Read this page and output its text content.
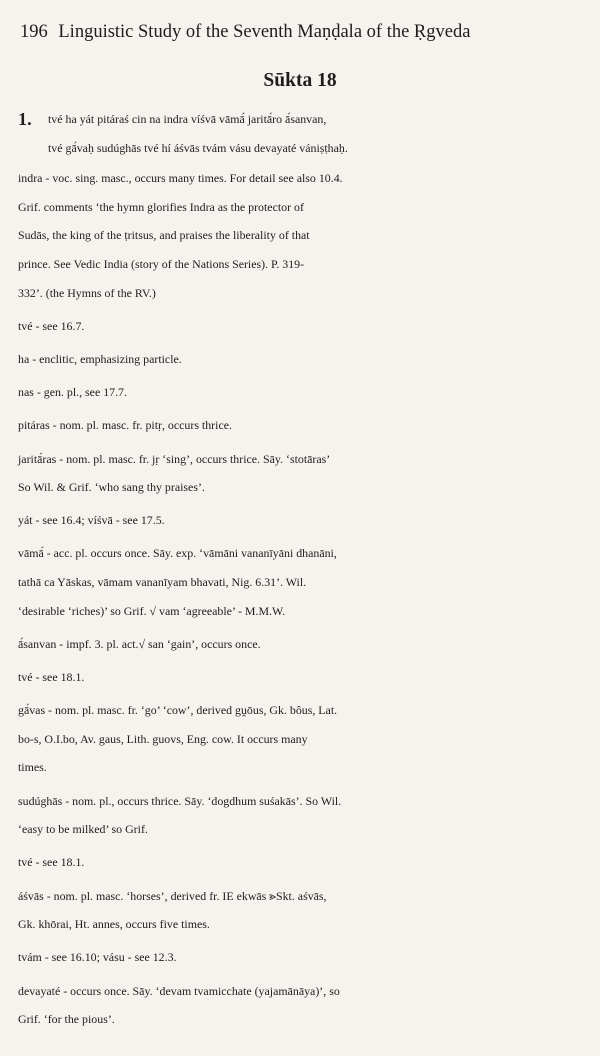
196 Linguistic Study of the Seventh Maṇḍala of the Ṛgveda
Sūkta 18
1. tvé ha yát pitáraś cin na indra víśvā vāmā́ jaritā́ro ā́sanvan,
tvé gā́vaḥ sudúghās tvé hí áśvās tvám vásu devayaté vániṣṭhaḥ.
indra - voc. sing. masc., occurs many times. For detail see also 10.4.
Grif. comments ‘the hymn glorifies Indra as the protector of
Sudās, the king of the ṭritsus, and praises the liberality of that
prince. See Vedic India (story of the Nations Series). P. 319-
332’. (the Hymns of the RV.)
tvé - see 16.7.
ha - enclitic, emphasizing particle.
nas - gen. pl., see 17.7.
pitáras - nom. pl. masc. fr. pitṛ, occurs thrice.
jaritā́ras - nom. pl. masc. fr. jṛ ‘sing’, occurs thrice. Sāy. ‘stotāras’
So Wil. & Grif. ‘who sang thy praises’.
yát - see 16.4; víśvā - see 17.5.
vāmā́ - acc. pl. occurs once. Sāy. exp. ‘vāmāni vananīyāni dhanāni,
tathā ca Yāskas, vāmam vananīyam bhavati, Nig. 6.31’. Wil.
‘desirable ‘riches)’ so Grif. √ vam ‘agreeable’ - M.M.W.
ā́sanvan - impf. 3. pl. act.√ san ‘gain’, occurs once.
tvé - see 18.1.
gā́vas - nom. pl. masc. fr. ‘go’ ‘cow’, derived gṷōus, Gk. bôus, Lat.
bo-s, O.I.bo, Av. gaus, Lith. guovs, Eng. cow. It occurs many
times.
sudúghās - nom. pl., occurs thrice. Sāy. ‘dogdhum suśakās’. So Wil.
‘easy to be milked’ so Grif.
tvé - see 18.1.
áśvās - nom. pl. masc. ‘horses’, derived fr. IE ekwās ⪢Skt. aśvās,
Gk. khōrai, Ht. annes, occurs five times.
tvám - see 16.10; vásu - see 12.3.
devayaté - occurs once. Sāy. ‘devam tvamicchate (yajamānāya)’, so
Grif. ‘for the pious’.
